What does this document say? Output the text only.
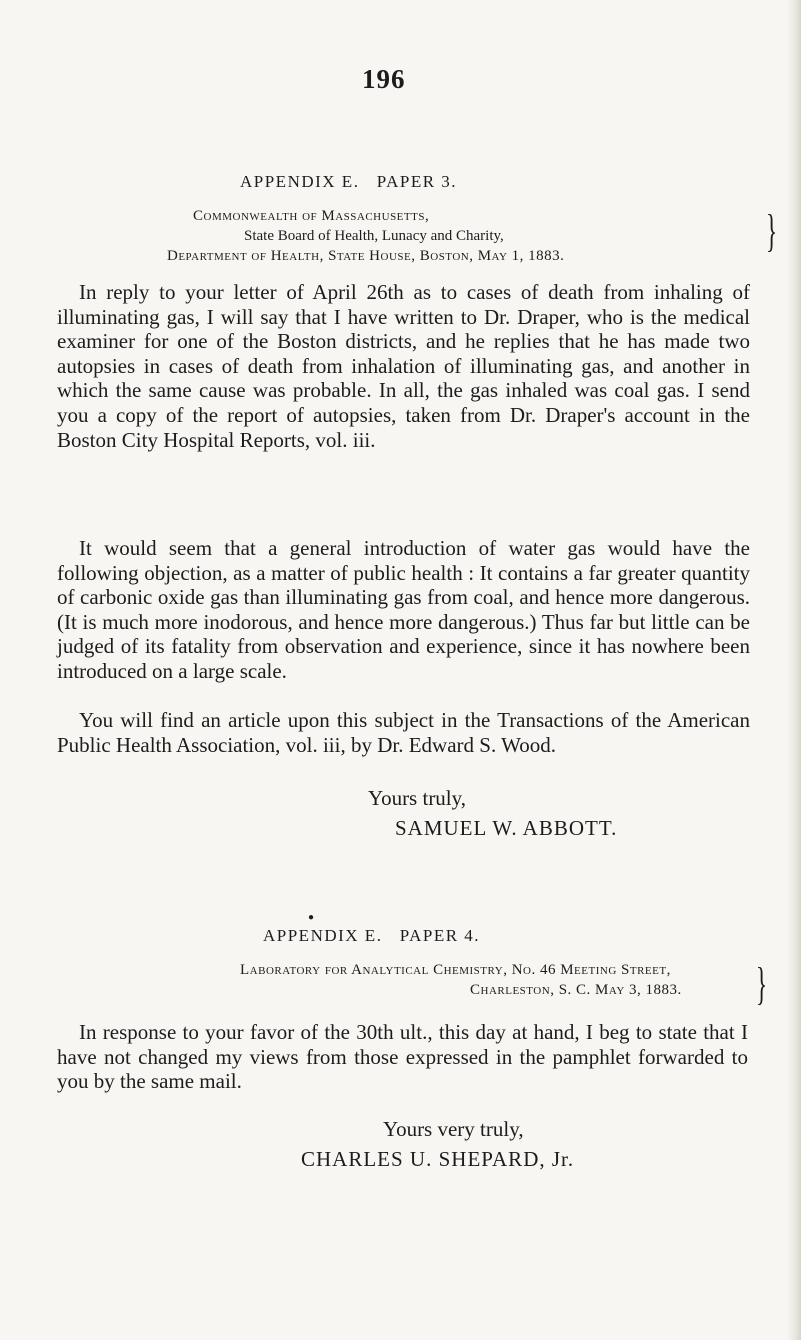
196
APPENDIX E.   PAPER 3.
Commonwealth of Massachusetts,
State Board of Health, Lunacy and Charity,
Department of Health, State House, Boston, May 1, 1883.	}

In reply to your letter of April 26th as to cases of death from inhaling of illuminating gas, I will say that I have written to Dr. Draper, who is the medical examiner for one of the Boston districts, and he replies that he has made two autopsies in cases of death from inhalation of illuminating gas, and another in which the same cause was probable. In all, the gas inhaled was coal gas. I send you a copy of the report of autopsies, taken from Dr. Draper's account in the Boston City Hospital Reports, vol. iii.

It would seem that a general introduction of water gas would have the following objection, as a matter of public health : It contains a far greater quantity of carbonic oxide gas than illuminating gas from coal, and hence more dangerous. (It is much more inodorous, and hence more dangerous.) Thus far but little can be judged of its fatality from observation and experience, since it has nowhere been introduced on a large scale.

You will find an article upon this subject in the Transactions of the American Public Health Association, vol. iii, by Dr. Edward S. Wood.

Yours truly,
SAMUEL W. ABBOTT.
●
APPENDIX E.   PAPER 4.
Laboratory for Analytical Chemistry, No. 46 Meeting Street,
Charleston, S. C. May 3, 1883.	}

In response to your favor of the 30th ult., this day at hand, I beg to state that I have not changed my views from those expressed in the pamphlet forwarded to you by the same mail.

Yours very truly,
CHARLES U. SHEPARD, Jr.
